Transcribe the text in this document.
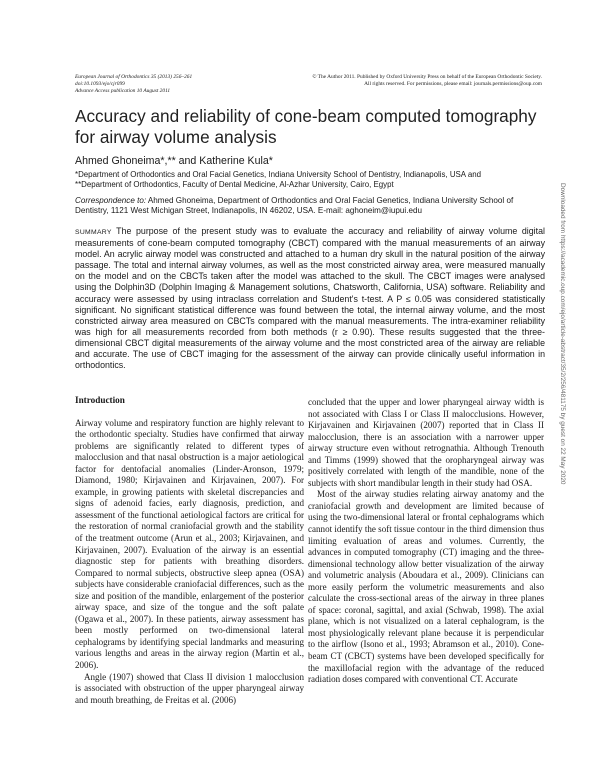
European Journal of Orthodontics 35 (2013) 256–261
doi:10.1093/ejo/cjr099
Advance Access publication 10 August 2011
© The Author 2011. Published by Oxford University Press on behalf of the European Orthodontic Society.
All rights reserved. For permissions, please email: journals.permissions@oup.com
Accuracy and reliability of cone-beam computed tomography for airway volume analysis
Ahmed Ghoneima*,** and Katherine Kula*
*Department of Orthodontics and Oral Facial Genetics, Indiana University School of Dentistry, Indianapolis, USA and
**Department of Orthodontics, Faculty of Dental Medicine, Al-Azhar University, Cairo, Egypt
Correspondence to: Ahmed Ghoneima, Department of Orthodontics and Oral Facial Genetics, Indiana University School of Dentistry, 1121 West Michigan Street, Indianapolis, IN 46202, USA. E-mail: aghoneim@iupui.edu
SUMMARY The purpose of the present study was to evaluate the accuracy and reliability of airway volume digital measurements of cone-beam computed tomography (CBCT) compared with the manual measurements of an airway model. An acrylic airway model was constructed and attached to a human dry skull in the natural position of the airway passage. The total and internal airway volumes, as well as the most constricted airway area, were measured manually on the model and on the CBCTs taken after the model was attached to the skull. The CBCT images were analysed using the Dolphin3D (Dolphin Imaging & Management solutions, Chatsworth, California, USA) software. Reliability and accuracy were assessed by using intraclass correlation and Student's t-test. A P ≤ 0.05 was considered statistically significant. No significant statistical difference was found between the total, the internal airway volume, and the most constricted airway area measured on CBCTs compared with the manual measurements. The intra-examiner reliability was high for all measurements recorded from both methods (r ≥ 0.90). These results suggested that the three-dimensional CBCT digital measurements of the airway volume and the most constricted area of the airway are reliable and accurate. The use of CBCT imaging for the assessment of the airway can provide clinically useful information in orthodontics.	Downloaded from https://academic.oup.com/ejo/article-abstract/35/2/256/481175 by guest on 22 May 2020
Introduction

Airway volume and respiratory function are highly relevant to the orthodontic specialty. Studies have confirmed that airway problems are significantly related to different types of malocclusion and that nasal obstruction is a major aetiological factor for dentofacial anomalies (Linder-Aronson, 1979; Diamond, 1980; Kirjavainen and Kirjavainen, 2007). For example, in growing patients with skeletal discrepancies and signs of adenoid facies, early diagnosis, prediction, and assessment of the functional aetiological factors are critical for the restoration of normal craniofacial growth and the stability of the treatment outcome (Arun et al., 2003; Kirjavainen, and Kirjavainen, 2007). Evaluation of the airway is an essential diagnostic step for patients with breathing disorders. Compared to normal subjects, obstructive sleep apnea (OSA) subjects have considerable craniofacial differences, such as the size and position of the mandible, enlargement of the posterior airway space, and size of the tongue and the soft palate (Ogawa et al., 2007). In these patients, airway assessment has been mostly performed on two-dimensional lateral cephalograms by identifying special landmarks and measuring various lengths and areas in the airway region (Martin et al., 2006).

Angle (1907) showed that Class II division 1 malocclusion is associated with obstruction of the upper pharyngeal airway and mouth breathing, de Freitas et al. (2006)

concluded that the upper and lower pharyngeal airway width is not associated with Class I or Class II malocclusions. However, Kirjavainen and Kirjavainen (2007) reported that in Class II malocclusion, there is an association with a narrower upper airway structure even without retrognathia. Although Trenouth and Timms (1999) showed that the oropharyngeal airway was positively correlated with length of the mandible, none of the subjects with short mandibular length in their study had OSA.

Most of the airway studies relating airway anatomy and the craniofacial growth and development are limited because of using the two-dimensional lateral or frontal cephalograms which cannot identify the soft tissue contour in the third dimension thus limiting evaluation of areas and volumes. Currently, the advances in computed tomography (CT) imaging and the three-dimensional technology allow better visualization of the airway and volumetric analysis (Aboudara et al., 2009). Clinicians can more easily perform the volumetric measurements and also calculate the cross-sectional areas of the airway in three planes of space: coronal, sagittal, and axial (Schwab, 1998). The axial plane, which is not visualized on a lateral cephalogram, is the most physiologically relevant plane because it is perpendicular to the airflow (Isono et al., 1993; Abramson et al., 2010). Cone-beam CT (CBCT) systems have been developed specifically for the maxillofacial region with the advantage of the reduced radiation doses compared with conventional CT. Accurate
